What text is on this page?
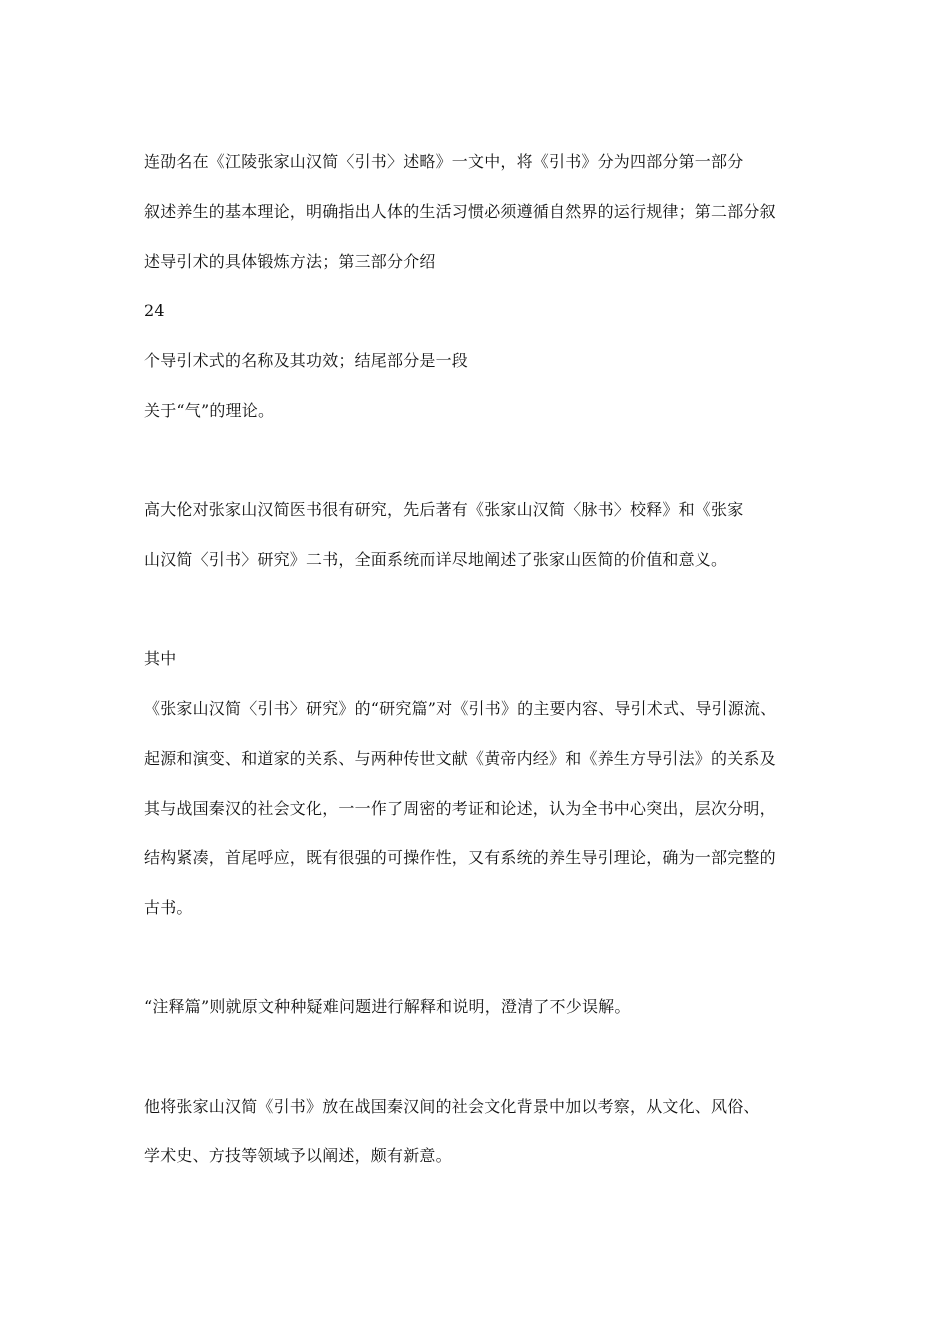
连劭名在《江陵张家山汉简〈引书〉述略》一文中，将《引书》分为四部分第一部分
叙述养生的基本理论，明确指出人体的生活习惯必须遵循自然界的运行规律；第二部分叙
述导引术的具体锻炼方法；第三部分介绍
24
个导引术式的名称及其功效；结尾部分是一段
关于“气”的理论。
高大伦对张家山汉简医书很有研究，先后著有《张家山汉简〈脉书〉校释》和《张家
山汉简〈引书〉研究》二书，全面系统而详尽地阐述了张家山医简的价值和意义。
其中
《张家山汉简〈引书〉研究》的“研究篇”对《引书》的主要内容、导引术式、导引源流、
起源和演变、和道家的关系、与两种传世文献《黄帝内经》和《养生方导引法》的关系及
其与战国秦汉的社会文化，一一作了周密的考证和论述，认为全书中心突出，层次分明，
结构紧凑，首尾呼应，既有很强的可操作性，又有系统的养生导引理论，确为一部完整的
古书。
“注释篇”则就原文种种疑难问题进行解释和说明，澄清了不少误解。
他将张家山汉简《引书》放在战国秦汉间的社会文化背景中加以考察，从文化、风俗、
学术史、方技等领域予以阐述，颇有新意。
